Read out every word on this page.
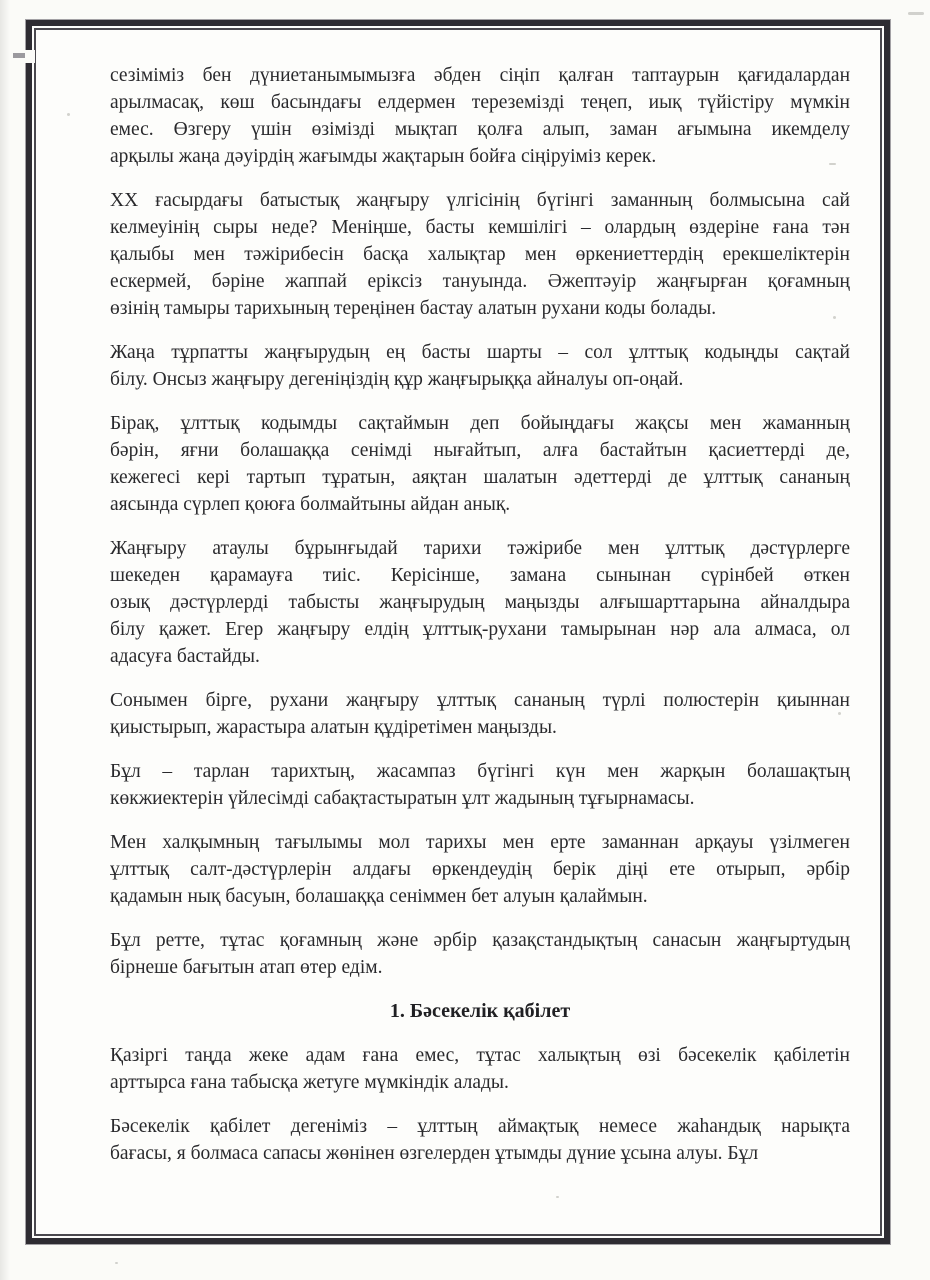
сезіміміз бен дүниетанымымызға әбден сіңіп қалған таптаурын қағидалардан
арылмасақ, көш басындағы елдермен тереземізді теңеп, иық түйістіру мүмкін
емес. Өзгеру үшін өзімізді мықтап қолға алып, заман ағымына икемделу
арқылы жаңа дәуірдің жағымды жақтарын бойға сіңіруіміз керек.
ХХ ғасырдағы батыстық жаңғыру үлгісінің бүгінгі заманның болмысына сай
келмеуінің сыры неде? Меніңше, басты кемшілігі – олардың өздеріне ғана тән
қалыбы мен тәжірибесін басқа халықтар мен өркениеттердің ерекшеліктерін
ескермей, бәріне жаппай еріксіз тануында. Әжептәуір жаңғырған қоғамның
өзінің тамыры тарихының тереңінен бастау алатын рухани коды болады.
Жаңа тұрпатты жаңғырудың ең басты шарты – сол ұлттық кодыңды сақтай
білу. Онсыз жаңғыру дегеніңіздің құр жаңғырыққа айналуы оп-оңай.
Бірақ, ұлттық кодымды сақтаймын деп бойыңдағы жақсы мен жаманның
бәрін, яғни болашаққа сенімді нығайтып, алға бастайтын қасиеттерді де,
кежегесі кері тартып тұратын, аяқтан шалатын әдеттерді де ұлттық сананың
аясында сүрлеп қоюға болмайтыны айдан анық.
Жаңғыру атаулы бұрынғыдай тарихи тәжірибе мен ұлттық дәстүрлерге
шекеден қарамауға тиіс. Керісінше, замана сынынан сүрінбей өткен
озық дәстүрлерді табысты жаңғырудың маңызды алғышарттарына айналдыра
білу қажет. Егер жаңғыру елдің ұлттық-рухани тамырынан нәр ала алмаса, ол
адасуға бастайды.
Сонымен бірге, рухани жаңғыру ұлттық сананың түрлі полюстерін қиыннан
қиыстырып, жарастыра алатын құдіретімен маңызды.
Бұл – тарлан тарихтың, жасампаз бүгінгі күн мен жарқын болашақтың
көкжиектерін үйлесімді сабақтастыратын ұлт жадының тұғырнамасы.
Мен халқымның тағылымы мол тарихы мен ерте заманнан арқауы үзілмеген
ұлттық салт-дәстүрлерін алдағы өркендеудің берік діңі ете отырып, әрбір
қадамын нық басуын, болашаққа сеніммен бет алуын қалаймын.
Бұл ретте, тұтас қоғамның және әрбір қазақстандықтың санасын жаңғыртудың
бірнеше бағытын атап өтер едім.
1. Бәсекелік қабілет
Қазіргі таңда жеке адам ғана емес, тұтас халықтың өзі бәсекелік қабілетін
арттырса ғана табысқа жетуге мүмкіндік алады.
Бәсекелік қабілет дегеніміз – ұлттың аймақтық немесе жаһандық нарықта
бағасы, я болмаса сапасы жөнінен өзгелерден ұтымды дүние ұсына алуы. Бұл
